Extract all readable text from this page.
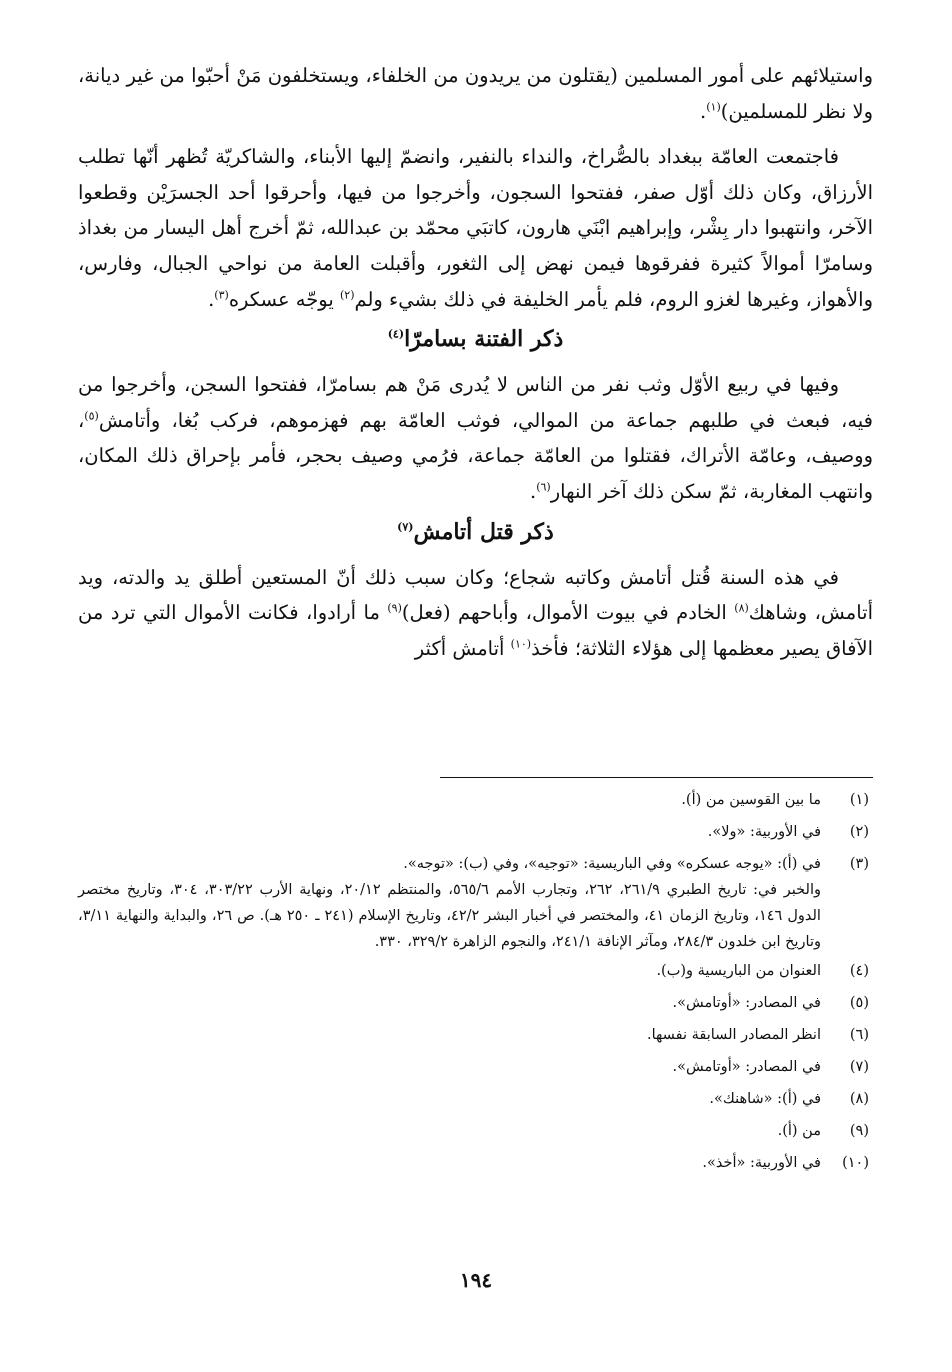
واستيلائهم على أمور المسلمين (يقتلون من يريدون من الخلفاء، ويستخلفون مَنْ أحبّوا من غير ديانة، ولا نظر للمسلمين)$^{(١)}$.

فاجتمعت العامّة ببغداد بالصُّراخ، والنداء بالنفير، وانضمّ إليها الأبناء، والشاكريّة تُظهر أنّها تطلب الأرزاق، وكان ذلك أوّل صفر، ففتحوا السجون، وأخرجوا من فيها، وأحرقوا أحد الجسرَيْن وقطعوا الآخر، وانتهبوا دار بِشْر، وإبراهيم ابْنَي هارون، كاتبَي محمّد بن عبدالله، ثمّ أخرج أهل اليسار من بغداذ وسامرّا أموالاً كثيرة ففرقوها فيمن نهض إلى الثغور، وأقبلت العامة من نواحي الجبال، وفارس، والأهواز، وغيرها لغزو الروم، فلم يأمر الخليفة في ذلك بشيء ولم$^{(٢)}$ يوجّه عسكره$^{(٣)}$.

ذكر الفتنة بسامرّا$^{(٤)}$

وفيها في ربيع الأوّل وثب نفر من الناس لا يُدرى مَنْ هم بسامرّا، ففتحوا السجن، وأخرجوا من فيه، فبعث في طلبهم جماعة من الموالي، فوثب العامّة بهم فهزموهم، فركب بُغا، وأتامش$^{(٥)}$، ووصيف، وعامّة الأتراك، فقتلوا من العامّة جماعة، فرُمي وصيف بحجر، فأمر بإحراق ذلك المكان، وانتهب المغاربة، ثمّ سكن ذلك آخر النهار$^{(٦)}$.

ذكر قتل أتامش$^{(٧)}$

في هذه السنة قُتل أتامش وكاتبه شجاع؛ وكان سبب ذلك أنّ المستعين أطلق يد والدته، ويد أتامش، وشاهك$^{(٨)}$ الخادم في بيوت الأموال، وأباحهم (فعل)$^{(٩)}$ ما أرادوا، فكانت الأموال التي ترد من الآفاق يصير معظمها إلى هؤلاء الثلاثة؛ فأخذ$^{(١٠)}$ أتامش أكثر

(١)
ما بين القوسين من (أ).
(٢)
في الأوربية: «ولا».
(٣)

في (أ): «يوجه عسكره» وفي الباريسية: «توجيه»، وفي (ب): «توجه».

والخبر في: تاريخ الطبري ٢٦١/٩، ٢٦٢، وتجارب الأمم ٥٦٥/٦، والمنتظم ٢٠/١٢، ونهاية الأرب ٣٠٣/٢٢، ٣٠٤، وتاريخ مختصر الدول ١٤٦، وتاريخ الزمان ٤١، والمختصر في أخبار البشر ٤٢/٢، وتاريخ الإسلام (٢٤١ ـ ٢٥٠ هـ). ص ٢٦، والبداية والنهاية ٣/١١، وتاريخ ابن خلدون ٢٨٤/٣، ومآثر الإنافة ٢٤١/١، والنجوم الزاهرة ٣٢٩/٢، ٣٣٠.

(٤)
العنوان من الباريسية و(ب).
(٥)
في المصادر: «أوتامش».
(٦)
انظر المصادر السابقة نفسها.
(٧)
في المصادر: «أوتامش».
(٨)
في (أ): «شاهنك».
(٩)
من (أ).
(١٠)
في الأوربية: «أخذ».
١٩٤
